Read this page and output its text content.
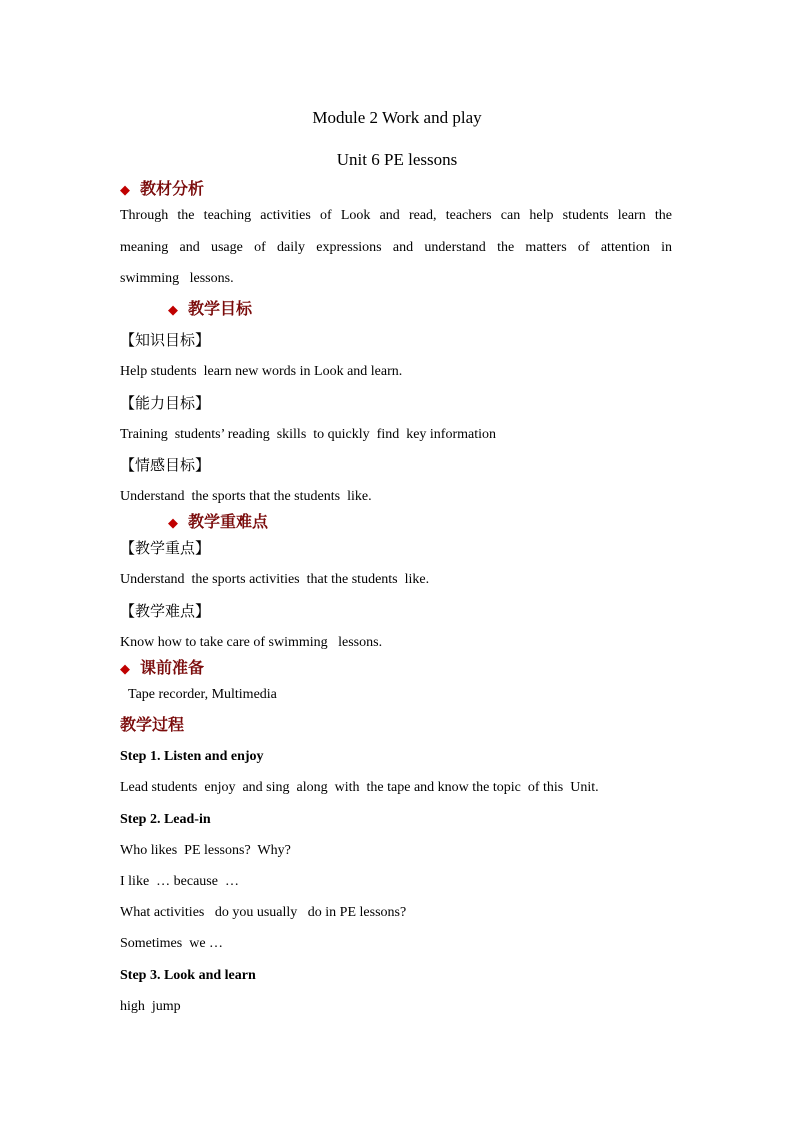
Module 2 Work and play
Unit 6 PE lessons
◆ 教材分析
Through the teaching activities of Look and read, teachers can help students learn the
meaning and usage of daily expressions and understand the matters of attention in
swimming   lessons.
◆ 教学目标
【知识目标】
Help students  learn new words in Look and learn.
【能力目标】
Training  students’ reading  skills  to quickly  find  key information
【情感目标】
Understand  the sports that the students  like.
◆ 教学重难点
【教学重点】
Understand  the sports activities  that the students  like.
【教学难点】
Know how to take care of swimming   lessons.
◆ 课前准备
Tape recorder, Multimedia
教学过程
Step 1. Listen and enjoy
Lead students  enjoy  and sing  along  with  the tape and know the topic  of this  Unit.
Step 2. Lead-in
Who likes  PE lessons?  Why?
I like  … because  …
What activities   do you usually   do in PE lessons?
Sometimes  we …
Step 3. Look and learn
high  jump
